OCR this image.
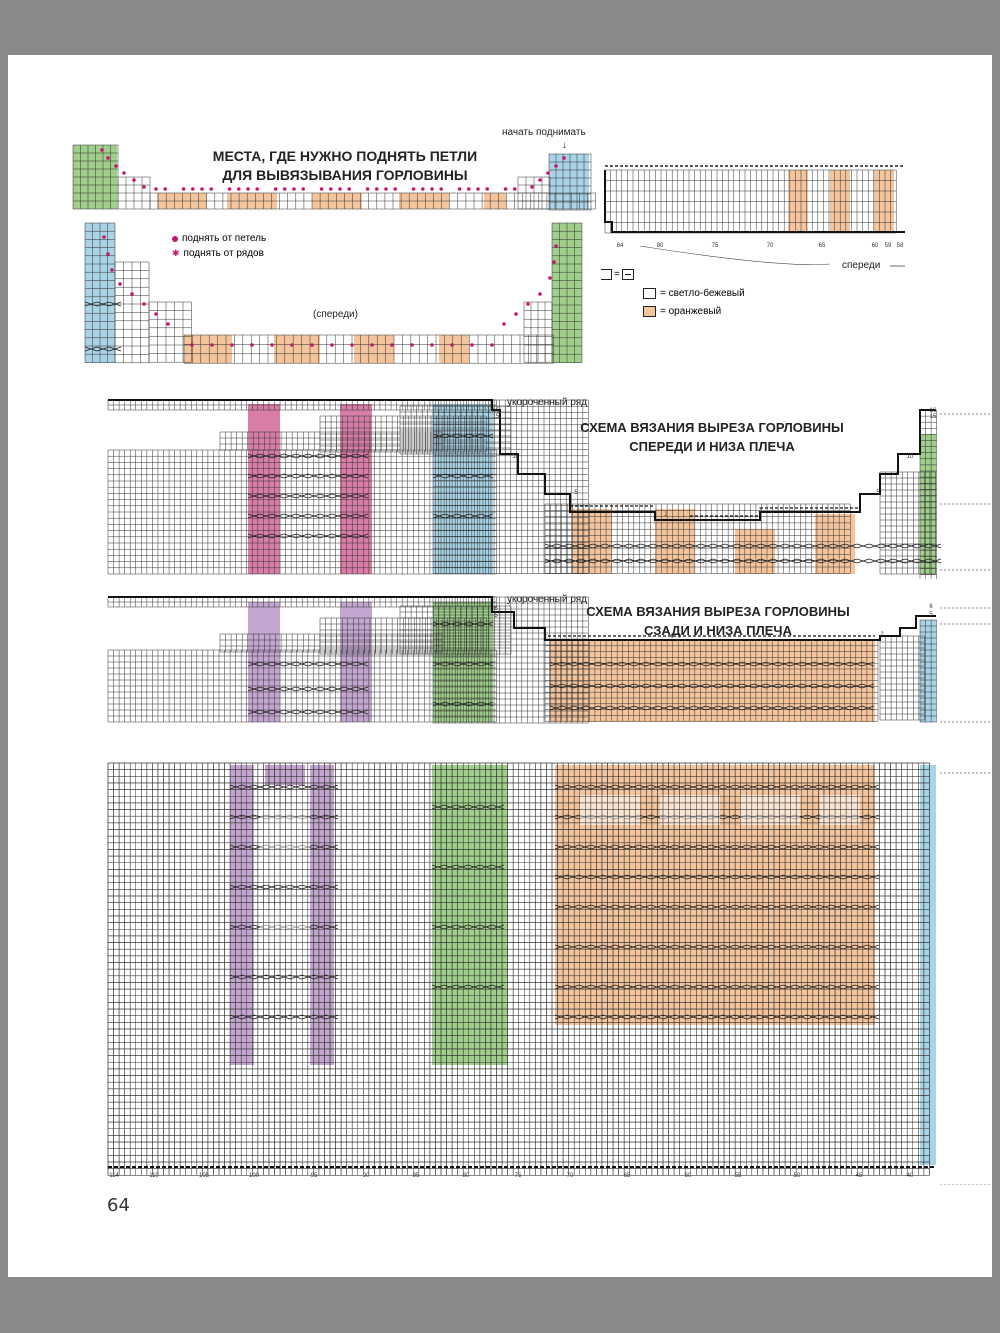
МЕСТА, ГДЕ НУЖНО ПОДНЯТЬ ПЕТЛИ
ДЛЯ ВЫВЯЗЫВАНИЯ ГОРЛОВИНЫ
начать поднимать
↓
поднять от петель
✱ поднять от рядов
(спереди)
84	80	75	70	65	60 59 58
спереди
=
= светло-бежевый
= оранжевый
16
15
10
5
2
2
5
10
16
15
укороченный ряд
СХЕМА ВЯЗАНИЯ ВЫРЕЗА ГОРЛОВИНЫ
СПЕРЕДИ И НИЗА ПЛЕЧА
6
5
2	2
6
5
укороченный ряд
СХЕМА ВЯЗАНИЯ ВЫРЕЗА ГОРЛОВИНЫ
СЗАДИ И НИЗА ПЛЕЧА
114	110	105	100	95	90	85	80	75	70	65	60	55	50	45	40
64
